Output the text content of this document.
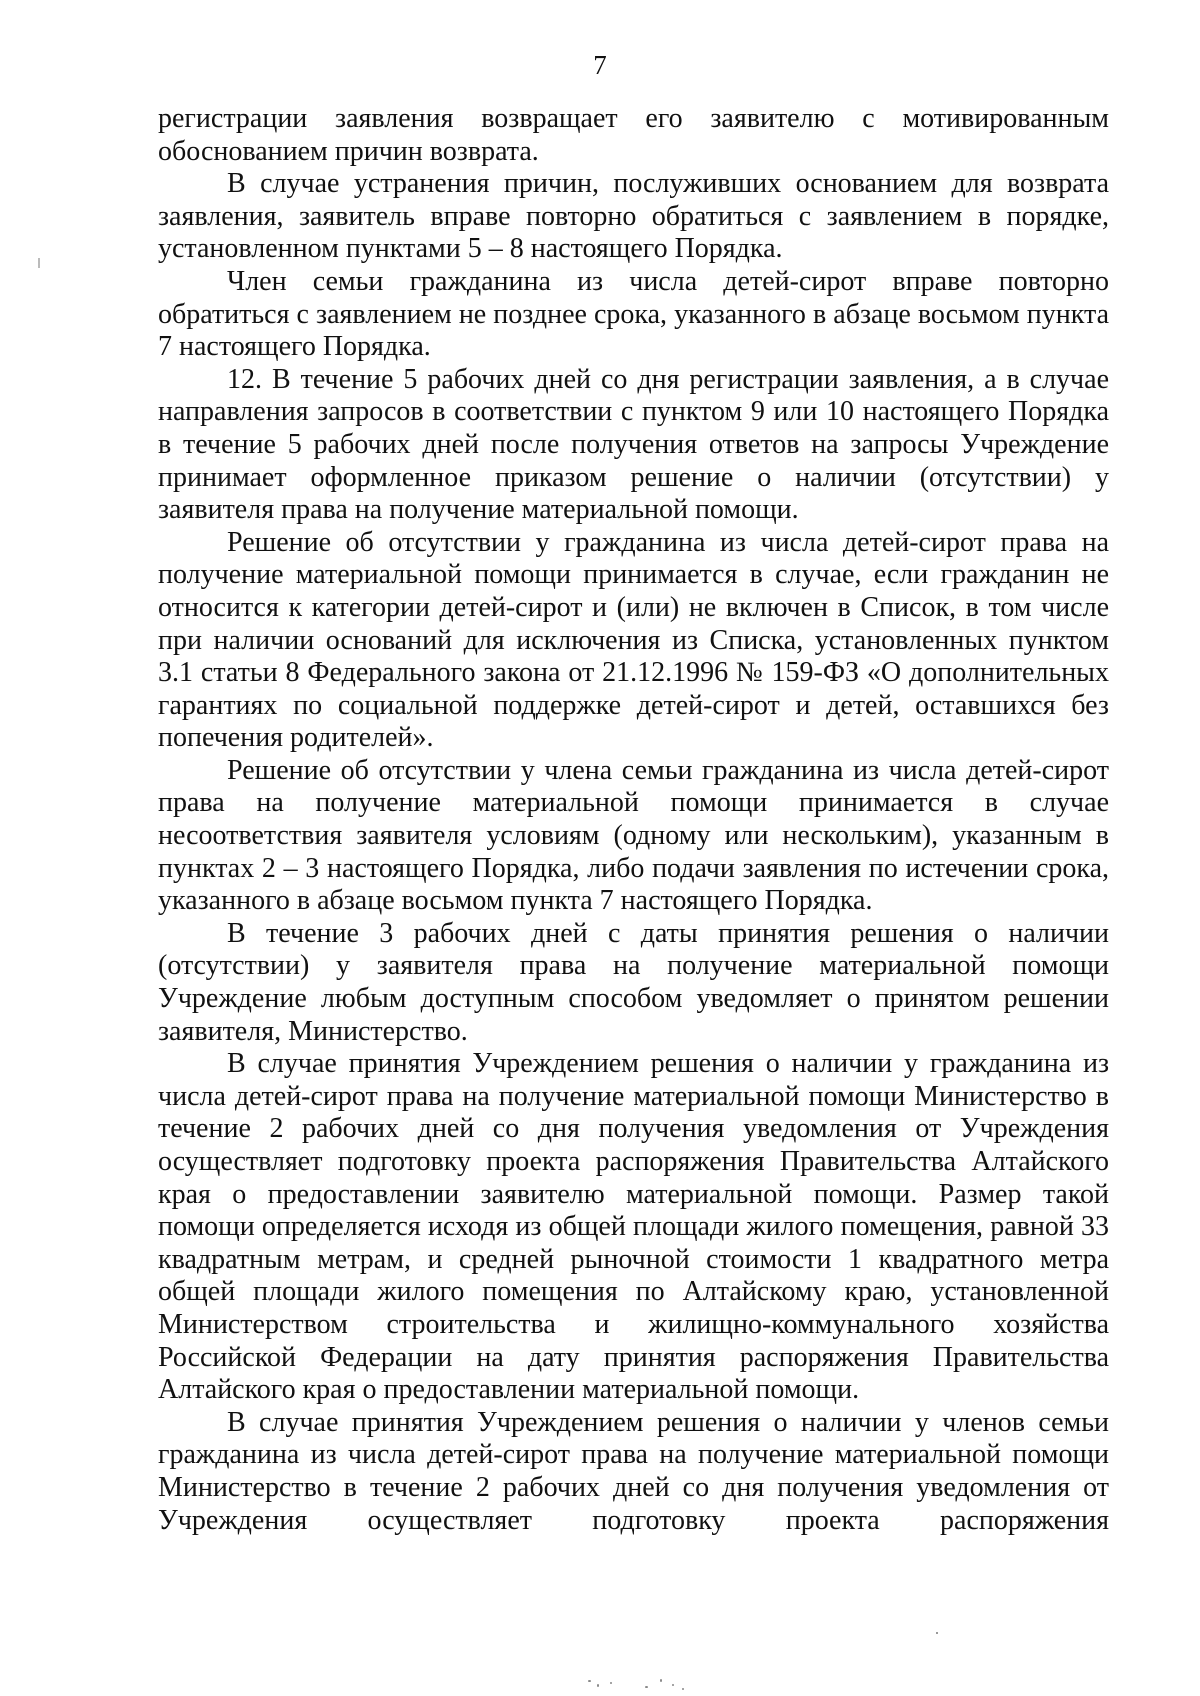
7

регистрации заявления возвращает его заявителю с мотивированным обоснованием причин возврата.

В случае устранения причин, послуживших основанием для возврата заявления, заявитель вправе повторно обратиться с заявлением в порядке, установленном пунктами 5 – 8 настоящего Порядка.

Член семьи гражданина из числа детей-сирот вправе повторно обратиться с заявлением не позднее срока, указанного в абзаце восьмом пункта 7 настоящего Порядка.

12. В течение 5 рабочих дней со дня регистрации заявления, а в случае направления запросов в соответствии с пунктом 9 или 10 настоящего Порядка в течение 5 рабочих дней после получения ответов на запросы Учреждение принимает оформленное приказом решение о наличии (отсутствии) у заявителя права на получение материальной помощи.

Решение об отсутствии у гражданина из числа детей-сирот права на получение материальной помощи принимается в случае, если гражданин не относится к категории детей-сирот и (или) не включен в Список, в том числе при наличии оснований для исключения из Списка, установленных пунктом 3.1 статьи 8 Федерального закона от 21.12.1996 № 159-ФЗ «О дополнительных гарантиях по социальной поддержке детей-сирот и детей, оставшихся без попечения родителей».

Решение об отсутствии у члена семьи гражданина из числа детей-сирот права на получение материальной помощи принимается в случае несоответствия заявителя условиям (одному или нескольким), указанным в пунктах 2 – 3 настоящего Порядка, либо подачи заявления по истечении срока, указанного в абзаце восьмом пункта 7 настоящего Порядка.

В течение 3 рабочих дней с даты принятия решения о наличии (отсутствии) у заявителя права на получение материальной помощи Учреждение любым доступным способом уведомляет о принятом решении заявителя, Министерство.

В случае принятия Учреждением решения о наличии у гражданина из числа детей-сирот права на получение материальной помощи Министерство в течение 2 рабочих дней со дня получения уведомления от Учреждения осуществляет подготовку проекта распоряжения Правительства Алтайского края о предоставлении заявителю материальной помощи. Размер такой помощи определяется исходя из общей площади жилого помещения, равной 33 квадратным метрам, и средней рыночной стоимости 1 квадратного метра общей площади жилого помещения по Алтайскому краю, установленной Министерством строительства и жилищно-коммунального хозяйства Российской Федерации на дату принятия распоряжения Правительства Алтайского края о предоставлении материальной помощи.

В случае принятия Учреждением решения о наличии у членов семьи гражданина из числа детей-сирот права на получение материальной помощи Министерство в течение 2 рабочих дней со дня получения уведомления от Учреждения осуществляет подготовку проекта распоряжения
